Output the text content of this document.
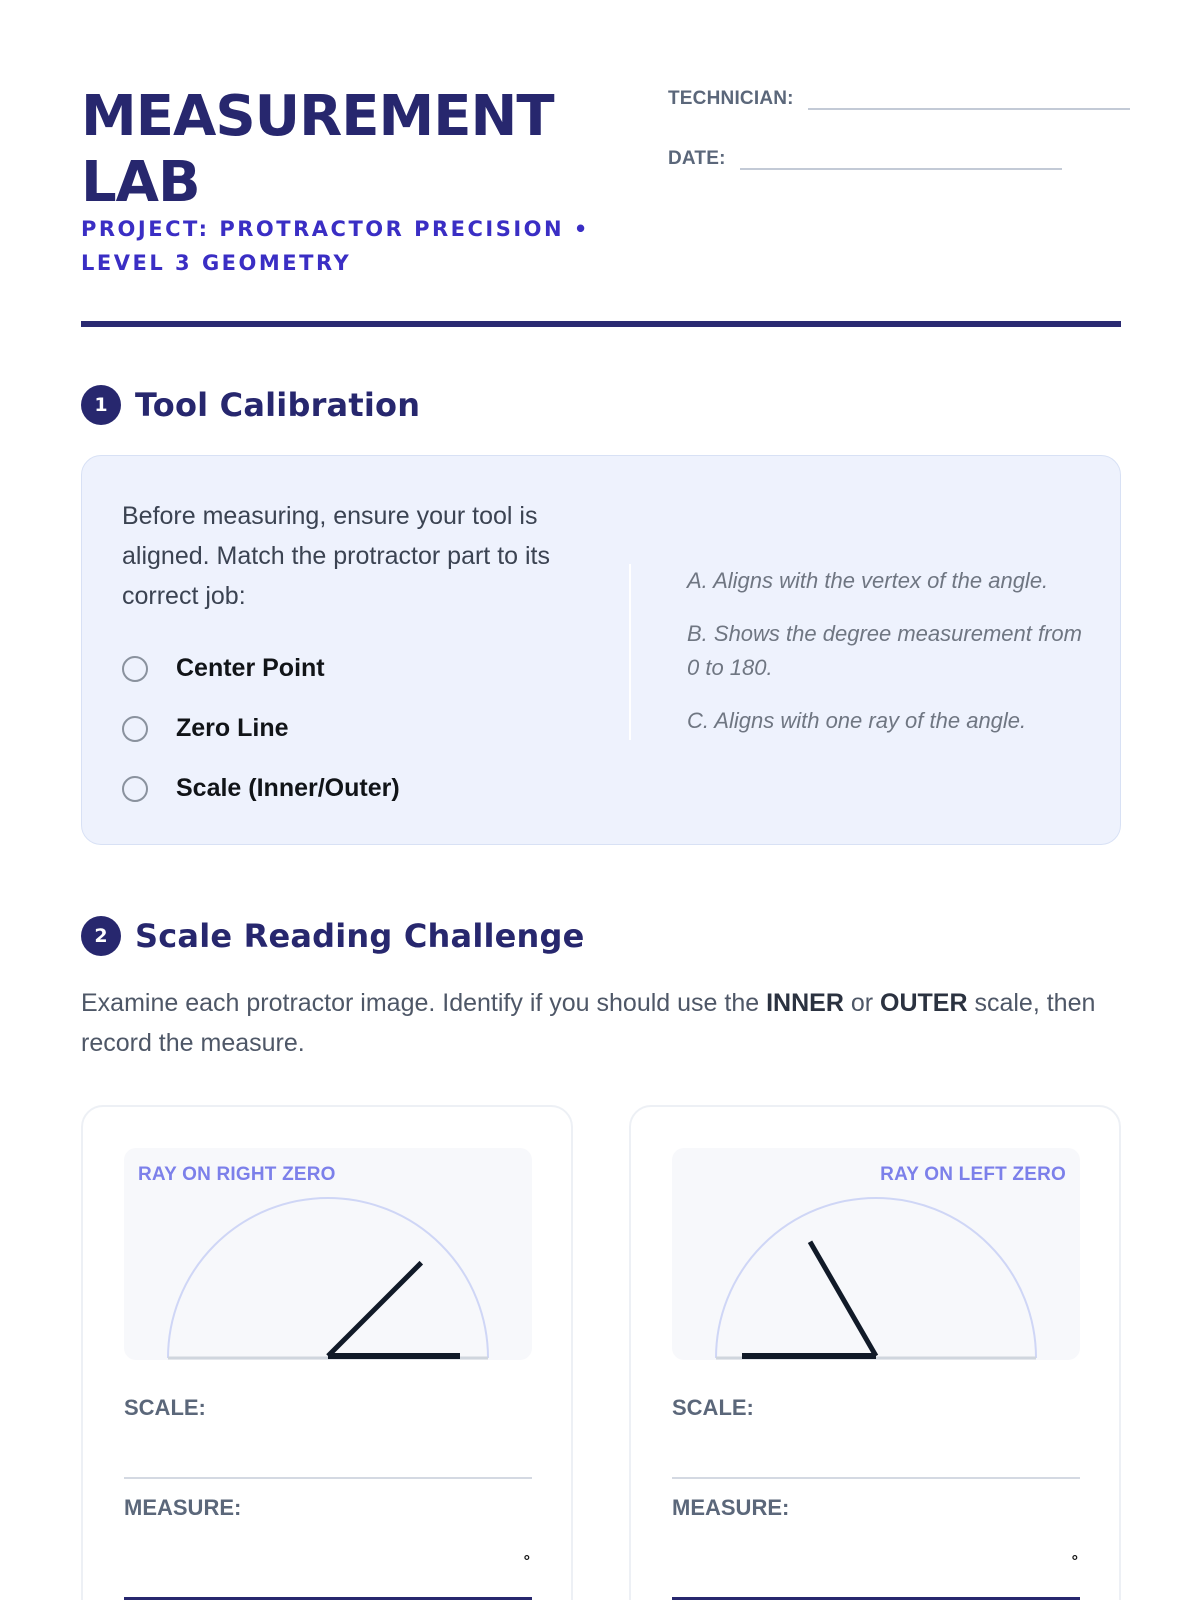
MEASUREMENT
LAB
PROJECT: PROTRACTOR PRECISION • LEVEL 3 GEOMETRY
TECHNICIAN:
DATE:
1 Tool Calibration
Before measuring, ensure your tool is aligned. Match the protractor part to its correct job:
Center Point
Zero Line
Scale (Inner/Outer)
A. Aligns with the vertex of the angle.
B. Shows the degree measurement from 0 to 180.
C. Aligns with one ray of the angle.
2 Scale Reading Challenge
Examine each protractor image. Identify if you should use the INNER or OUTER scale, then record the measure.
RAY ON RIGHT ZERO
SCALE:
MEASURE:
°
RAY ON LEFT ZERO
SCALE:
MEASURE:
°
